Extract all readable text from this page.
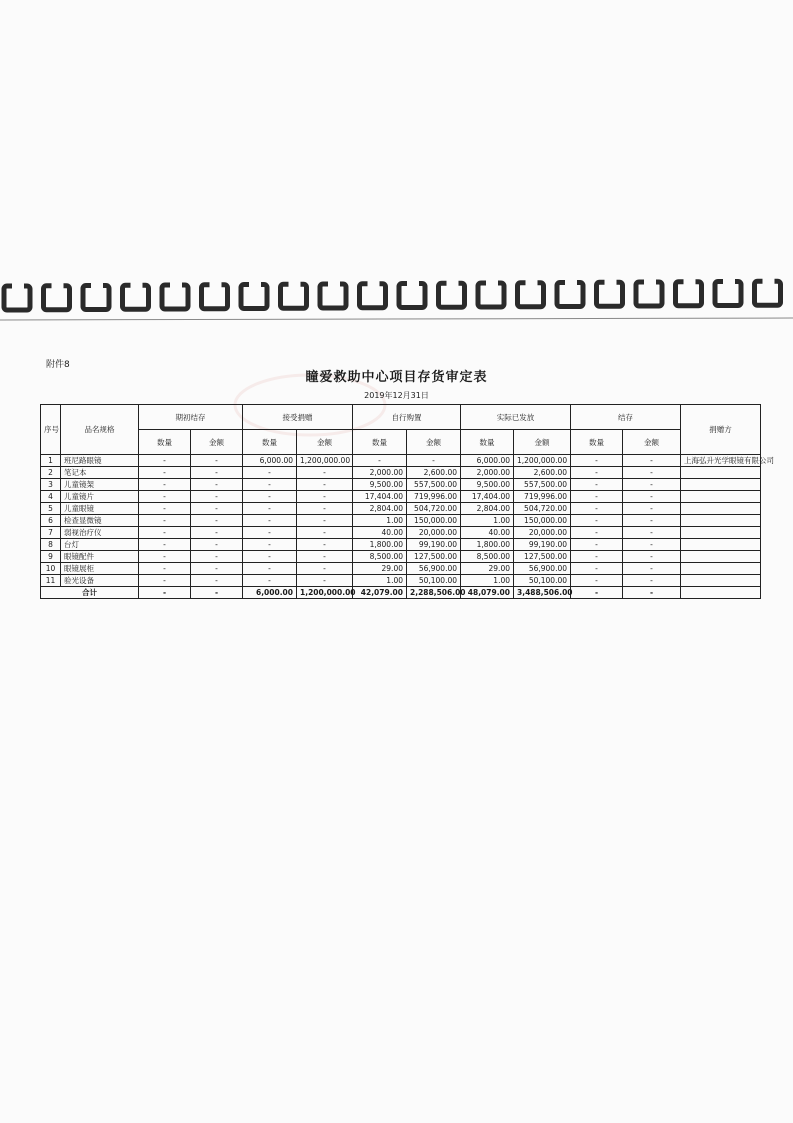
附件8
瞳爱救助中心项目存货审定表
2019年12月31日
序号	品名规格	期初结存		接受捐赠		自行购置		实际已发放		结存		捐赠方
		数量	金额	数量	金额	数量	金额	数量	金额	数量	金额	
1	班尼路眼镜	-	-	6,000.00	1,200,000.00	-	-	6,000.00	1,200,000.00	-	-	上海弘升光学眼镜有限公司
2	笔记本	-	-	-	-	2,000.00	2,600.00	2,000.00	2,600.00	-	-	
3	儿童镜架	-	-	-	-	9,500.00	557,500.00	9,500.00	557,500.00	-	-	
4	儿童镜片	-	-	-	-	17,404.00	719,996.00	17,404.00	719,996.00	-	-	
5	儿童眼镜	-	-	-	-	2,804.00	504,720.00	2,804.00	504,720.00	-	-	
6	检查显微镜	-	-	-	-	1.00	150,000.00	1.00	150,000.00	-	-	
7	弱视治疗仪	-	-	-	-	40.00	20,000.00	40.00	20,000.00	-	-	
8	台灯	-	-	-	-	1,800.00	99,190.00	1,800.00	99,190.00	-	-	
9	眼镜配件	-	-	-	-	8,500.00	127,500.00	8,500.00	127,500.00	-	-	
10	眼镜展柜	-	-	-	-	29.00	56,900.00	29.00	56,900.00	-	-	
11	验光设备	-	-	-	-	1.00	50,100.00	1.00	50,100.00	-	-	
合计		-	-	6,000.00	1,200,000.00	42,079.00	2,288,506.00	48,079.00	3,488,506.00	-	-	
